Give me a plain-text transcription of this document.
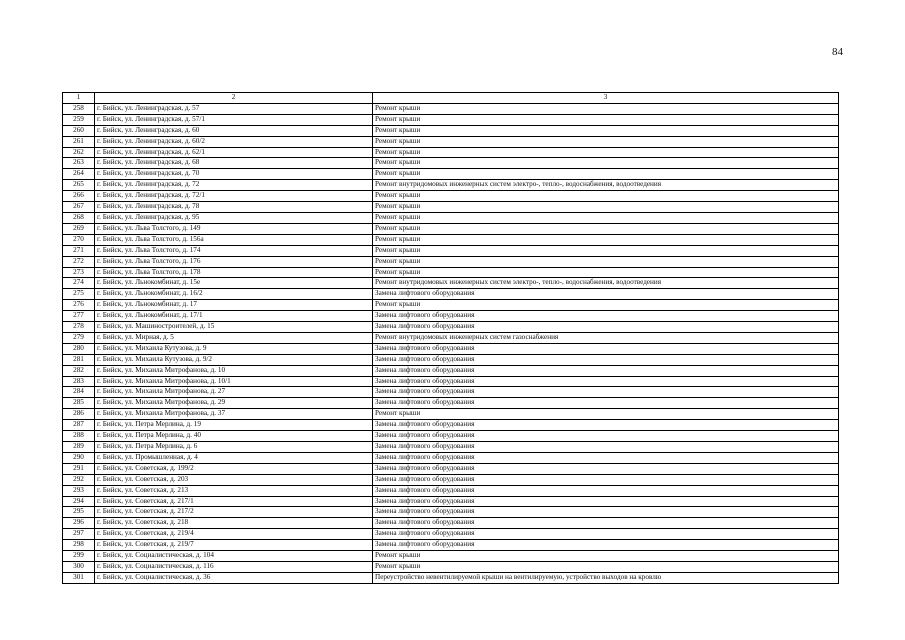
84
1	2	3
258	г. Бийск, ул. Ленинградская, д. 57	Ремонт крыши
259	г. Бийск, ул. Ленинградская, д. 57/1	Ремонт крыши
260	г. Бийск, ул. Ленинградская, д. 60	Ремонт крыши
261	г. Бийск, ул. Ленинградская, д. 60/2	Ремонт крыши
262	г. Бийск, ул. Ленинградская, д. 62/1	Ремонт крыши
263	г. Бийск, ул. Ленинградская, д. 68	Ремонт крыши
264	г. Бийск, ул. Ленинградская, д. 70	Ремонт крыши
265	г. Бийск, ул. Ленинградская, д. 72	Ремонт внутридомовых инженерных систем электро-, тепло-, водоснабжения, водоотведения
266	г. Бийск, ул. Ленинградская, д. 72/1	Ремонт крыши
267	г. Бийск, ул. Ленинградская, д. 78	Ремонт крыши
268	г. Бийск, ул. Ленинградская, д. 95	Ремонт крыши
269	г. Бийск, ул. Льва Толстого, д. 149	Ремонт крыши
270	г. Бийск, ул. Льва Толстого, д. 156а	Ремонт крыши
271	г. Бийск, ул. Льва Толстого, д. 174	Ремонт крыши
272	г. Бийск, ул. Льва Толстого, д. 176	Ремонт крыши
273	г. Бийск, ул. Льва Толстого, д. 178	Ремонт крыши
274	г. Бийск, ул. Льнокомбинат, д. 15е	Ремонт внутридомовых инженерных систем электро-, тепло-, водоснабжения, водоотведения
275	г. Бийск, ул. Льнокомбинат, д. 16/2	Замена лифтового оборудования
276	г. Бийск, ул. Льнокомбинат, д. 17	Ремонт крыши
277	г. Бийск, ул. Льнокомбинат, д. 17/1	Замена лифтового оборудования
278	г. Бийск, ул. Машиностроителей, д. 15	Замена лифтового оборудования
279	г. Бийск, ул. Мирная, д. 5	Ремонт внутридомовых инженерных систем газоснабжения
280	г. Бийск, ул. Михаила Кутузова, д. 9	Замена лифтового оборудования
281	г. Бийск, ул. Михаила Кутузова, д. 9/2	Замена лифтового оборудования
282	г. Бийск, ул. Михаила Митрофанова, д. 10	Замена лифтового оборудования
283	г. Бийск, ул. Михаила Митрофанова, д. 10/1	Замена лифтового оборудования
284	г. Бийск, ул. Михаила Митрофанова, д. 27	Замена лифтового оборудования
285	г. Бийск, ул. Михаила Митрофанова, д. 29	Замена лифтового оборудования
286	г. Бийск, ул. Михаила Митрофанова, д. 37	Ремонт крыши
287	г. Бийск, ул. Петра Мерлина, д. 19	Замена лифтового оборудования
288	г. Бийск, ул. Петра Мерлина, д. 40	Замена лифтового оборудования
289	г. Бийск, ул. Петра Мерлина, д. 6	Замена лифтового оборудования
290	г. Бийск, ул. Промышленная, д. 4	Замена лифтового оборудования
291	г. Бийск, ул. Советская, д. 199/2	Замена лифтового оборудования
292	г. Бийск, ул. Советская, д. 203	Замена лифтового оборудования
293	г. Бийск, ул. Советская, д. 213	Замена лифтового оборудования
294	г. Бийск, ул. Советская, д. 217/1	Замена лифтового оборудования
295	г. Бийск, ул. Советская, д. 217/2	Замена лифтового оборудования
296	г. Бийск, ул. Советская, д. 218	Замена лифтового оборудования
297	г. Бийск, ул. Советская, д. 219/4	Замена лифтового оборудования
298	г. Бийск, ул. Советская, д. 219/7	Замена лифтового оборудования
299	г. Бийск, ул. Социалистическая, д. 104	Ремонт крыши
300	г. Бийск, ул. Социалистическая, д. 116	Ремонт крыши
301	г. Бийск, ул. Социалистическая, д. 36	Переустройство невентилируемой крыши на вентилируемую, устройство выходов на кровлю
